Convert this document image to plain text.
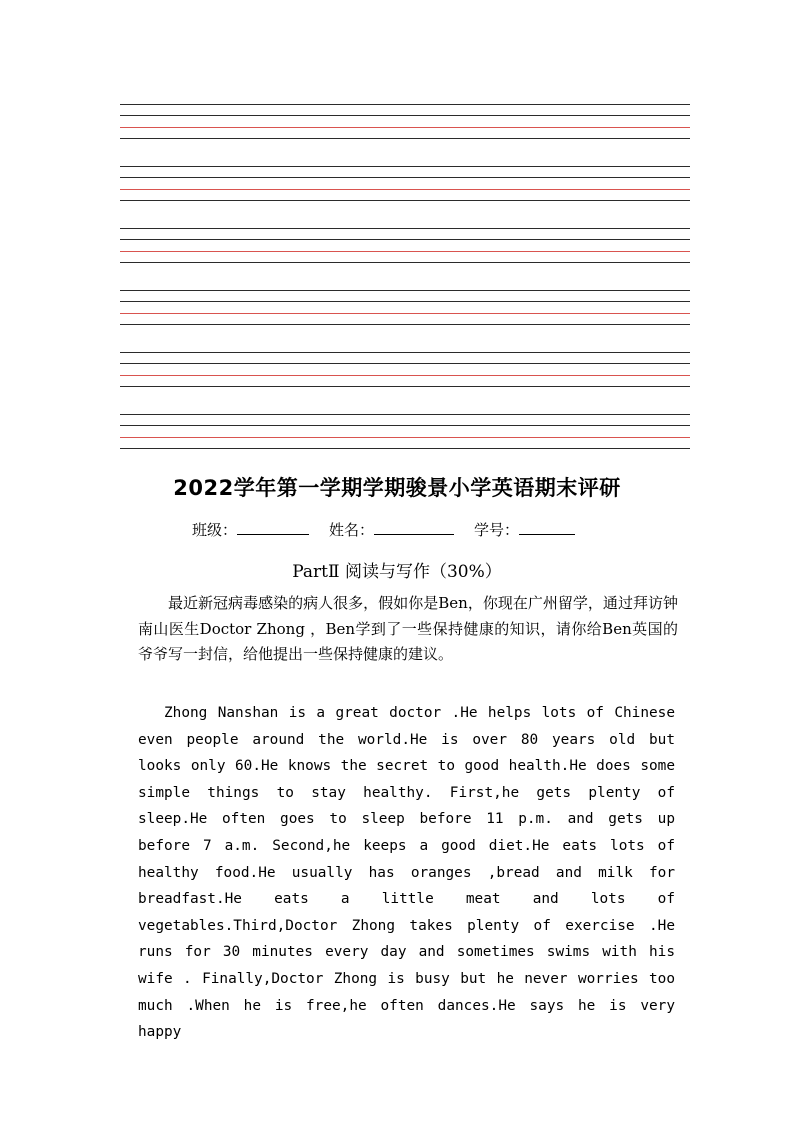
2022学年第一学期学期骏景小学英语期末评研
班级：	姓名：	学号：
PartⅡ 阅读与写作（30%）

最近新冠病毒感染的病人很多，假如你是Ben，你现在广州留学，通过拜访钟南山医生Doctor Zhong ，Ben学到了一些保持健康的知识，请你给Ben英国的爷爷写一封信，给他提出一些保持健康的建议。

Zhong Nanshan is a great doctor .He helps lots of Chinese even people around the world.He is over 80 years old but looks only 60.He knows the secret to good health.He does some simple things to stay healthy. First,he gets plenty of sleep.He often goes to sleep before 11 p.m. and gets up before 7 a.m. Second,he keeps a good diet.He eats lots of healthy food.He usually has oranges ,bread and milk for breadfast.He eats a little meat and lots of vegetables.Third,Doctor Zhong takes plenty of exercise .He runs for 30 minutes every day and sometimes swims with his wife . Finally,Doctor Zhong is busy but he never worries too much .When he is free,he often dances.He says he is very happy
